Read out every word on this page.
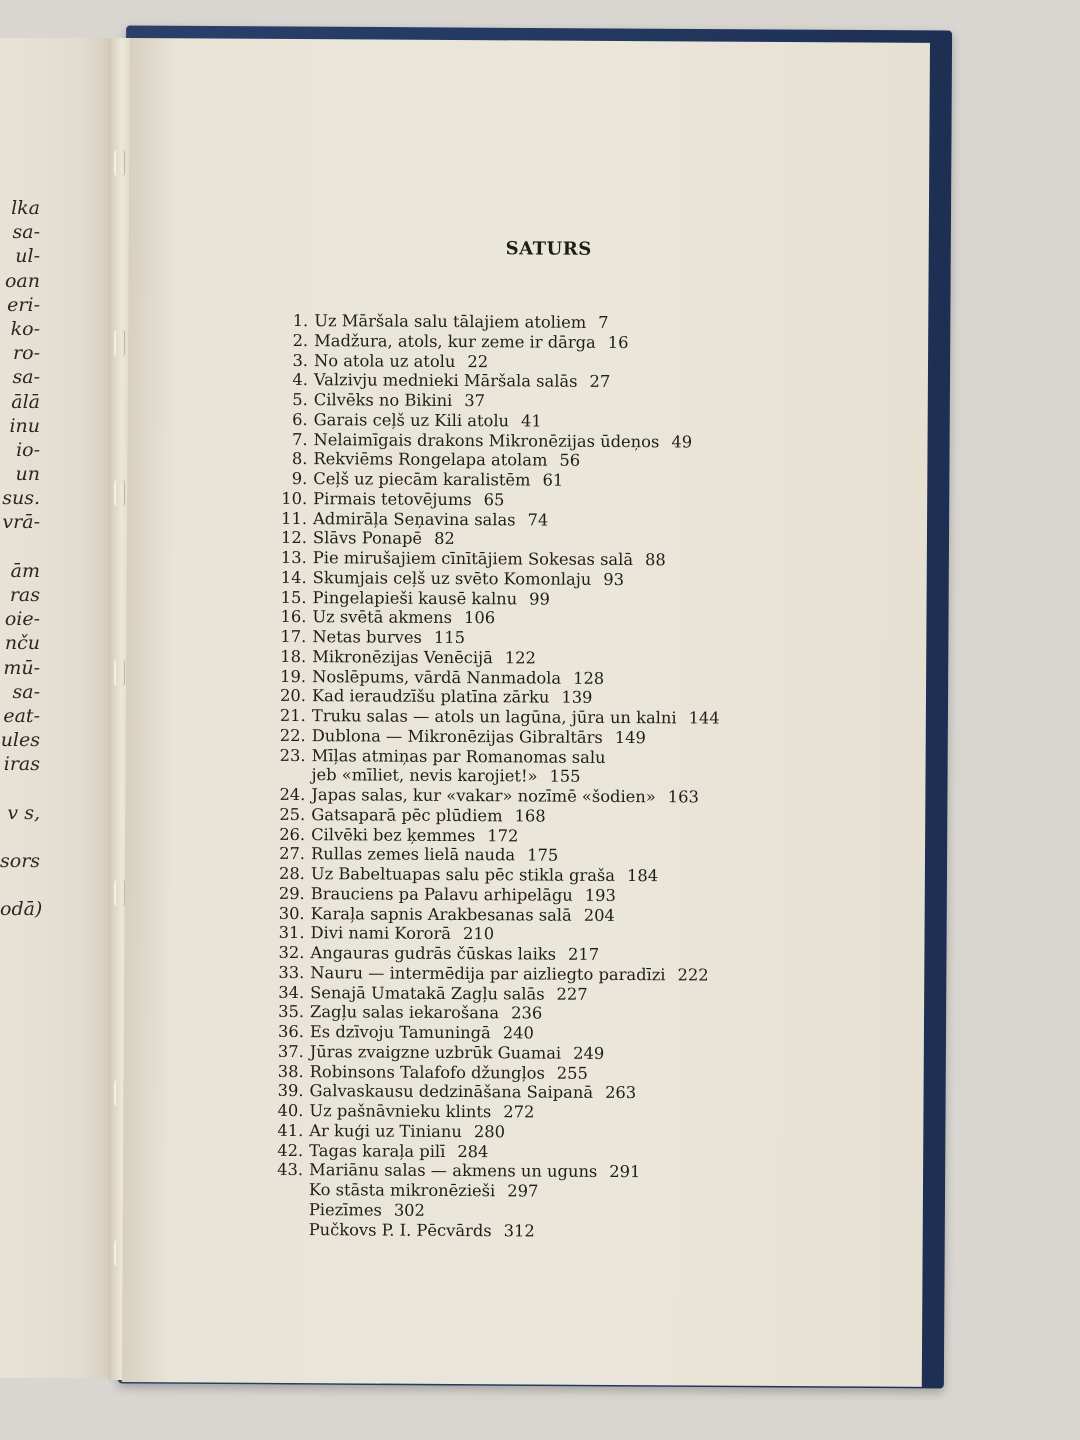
lka
sa-
ul-
oan
eri-
ko-
ro-
sa-
ālā
inu
io-
un
sus.
vrā-
ām
ras
oie-
nču
mū-
sa-
eat-
ules
iras
v s,
sors
odā)
SATURS
1. Uz Māršala salu tālajiem atoliem 7
2. Madžura, atols, kur zeme ir dārga 16
3. No atola uz atolu 22
4. Valzivju mednieki Māršala salās 27
5. Cilvēks no Bikini 37
6. Garais ceļš uz Kili atolu 41
7. Nelaimīgais drakons Mikronēzijas ūdeņos 49
8. Rekviēms Rongelapa atolam 56
9. Ceļš uz piecām karalistēm 61
10. Pirmais tetovējums 65
11. Admirāļa Seņavina salas 74
12. Slāvs Ponapē 82
13. Pie mirušajiem cīnītājiem Sokesas salā 88
14. Skumjais ceļš uz svēto Komonlaju 93
15. Pingelapieši kausē kalnu 99
16. Uz svētā akmens 106
17. Netas burves 115
18. Mikronēzijas Venēcijā 122
19. Noslēpums, vārdā Nanmadola 128
20. Kad ieraudzīšu platīna zārku 139
21. Truku salas — atols un lagūna, jūra un kalni 144
22. Dublona — Mikronēzijas Gibraltārs 149
23. Mīļas atmiņas par Romanomas salu
jeb «mīliet, nevis karojiet!» 155
24. Japas salas, kur «vakar» nozīmē «šodien» 163
25. Gatsaparā pēc plūdiem 168
26. Cilvēki bez ķemmes 172
27. Rullas zemes lielā nauda 175
28. Uz Babeltuapas salu pēc stikla graša 184
29. Brauciens pa Palavu arhipelāgu 193
30. Karaļa sapnis Arakbesanas salā 204
31. Divi nami Kororā 210
32. Angauras gudrās čūskas laiks 217
33. Nauru — intermēdija par aizliegto paradīzi 222
34. Senajā Umatakā Zagļu salās 227
35. Zagļu salas iekarošana 236
36. Es dzīvoju Tamuningā 240
37. Jūras zvaigzne uzbrūk Guamai 249
38. Robinsons Talafofo džungļos 255
39. Galvaskausu dedzināšana Saipanā 263
40. Uz pašnāvnieku klints 272
41. Ar kuģi uz Tinianu 280
42. Tagas karaļa pilī 284
43. Mariānu salas — akmens un uguns 291
Ko stāsta mikronēzieši 297
Piezīmes 302
Pučkovs P. I. Pēcvārds 312
